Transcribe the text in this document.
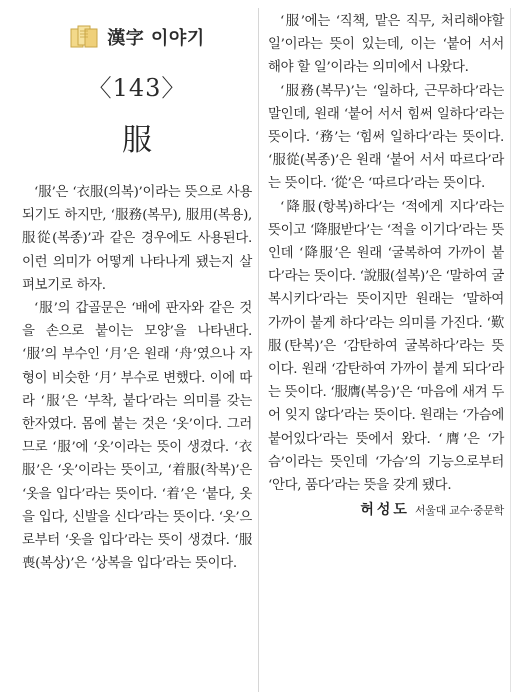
漢字 이야기
〈143〉
服

‘服’은 ‘衣服(의복)’이라는 뜻으로 사용되기도 하지만, ‘服務(복무), 服用(복용), 服從(복종)’과 같은 경우에도 사용된다. 이런 의미가 어떻게 나타나게 됐는지 살펴보기로 하자.

‘服’의 갑골문은 ‘배에 판자와 같은 것을 손으로 붙이는 모양’을 나타낸다. ‘服’의 부수인 ‘月’은 원래 ‘舟’였으나 자형이 비슷한 ‘月’ 부수로 변했다. 이에 따라 ‘服’은 ‘부착, 붙다’라는 의미를 갖는 한자였다. 몸에 붙는 것은 ‘옷’이다. 그러므로 ‘服’에 ‘옷’이라는 뜻이 생겼다. ‘衣服’은 ‘옷’이라는 뜻이고, ‘着服(착복)’은 ‘옷을 입다’라는 뜻이다. ‘着’은 ‘붙다, 옷을 입다, 신발을 신다’라는 뜻이다. ‘옷’으로부터 ‘옷을 입다’라는 뜻이 생겼다. ‘服喪(복상)’은 ‘상복을 입다’라는 뜻이다.

‘服’에는 ‘직책, 맡은 직무, 처리해야할 일’이라는 뜻이 있는데, 이는 ‘붙어 서서 해야 할 일’이라는 의미에서 나왔다.

‘服務(복무)’는 ‘일하다, 근무하다’라는 말인데, 원래 ‘붙어 서서 힘써 일하다’라는 뜻이다. ‘務’는 ‘힘써 일하다’라는 뜻이다. ‘服從(복종)’은 원래 ‘붙어 서서 따르다’라는 뜻이다. ‘從’은 ‘따르다’라는 뜻이다.

‘降服(항복)하다’는 ‘적에게 지다’라는 뜻이고 ‘降服받다’는 ‘적을 이기다’라는 뜻인데 ‘降服’은 원래 ‘굴복하여 가까이 붙다’라는 뜻이다. ‘說服(설복)’은 ‘말하여 굴복시키다’라는 뜻이지만 원래는 ‘말하여 가까이 붙게 하다’라는 의미를 가진다. ‘歎服(탄복)’은 ‘감탄하여 굴복하다’라는 뜻이다. 원래 ‘감탄하여 가까이 붙게 되다’라는 뜻이다. ‘服膺(복응)’은 ‘마음에 새겨 두어 잊지 않다’라는 뜻이다. 원래는 ‘가슴에 붙어있다’라는 뜻에서 왔다. ‘膺’은 ‘가슴’이라는 뜻인데 ‘가슴’의 기능으로부터 ‘안다, 품다’라는 뜻을 갖게 됐다.

허성도 서울대 교수·중문학
